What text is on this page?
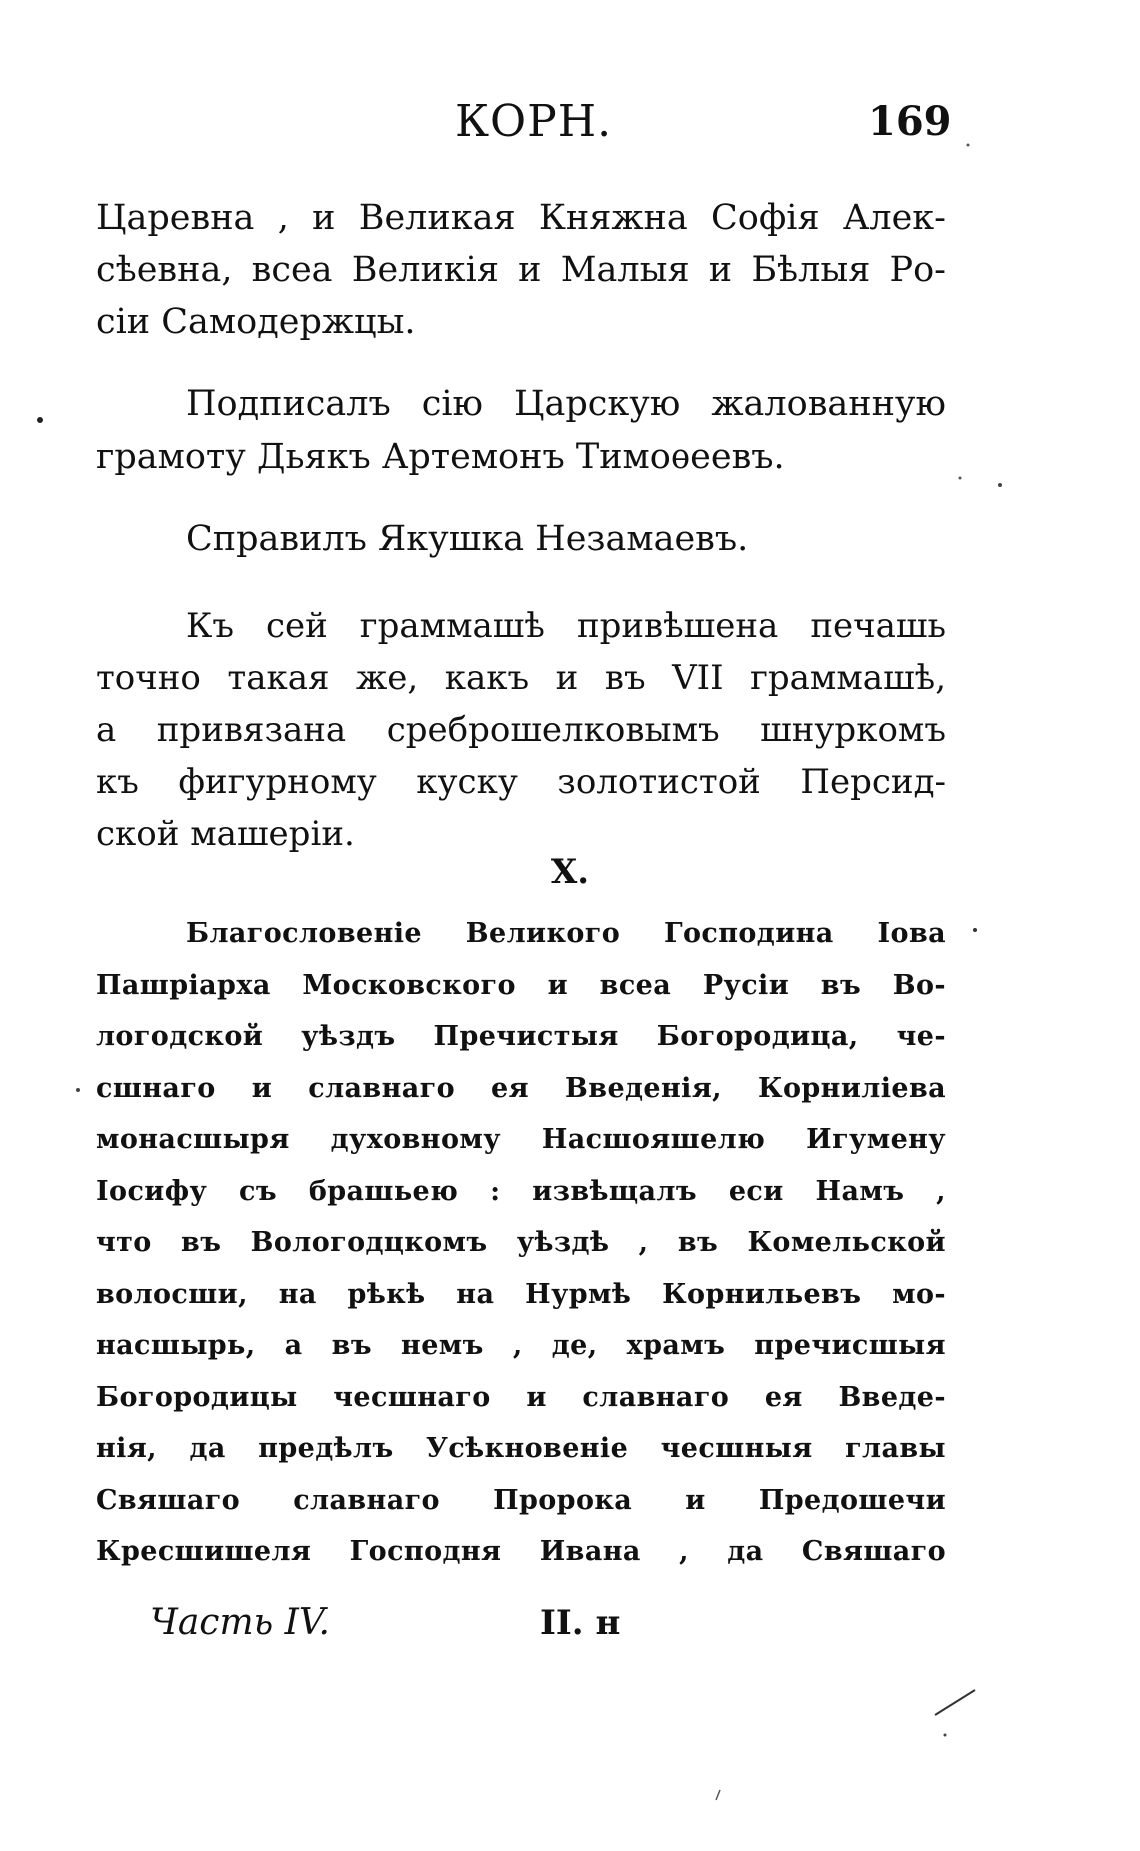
КОРН.	169
Царевна , и Великая Княжна Софiя Алек-
сѣевна, всеа Великiя и Малыя и Бѣлыя Ро-
сiи Самодержцы.
Подписалъ сiю Царскую жалованную
грамоту Дьякъ Артемонъ Тимоѳеевъ.
Справилъ Якушка Незамаевъ.
Къ сей граммашѣ привѣшена печашь
точно такая же, какъ и въ VII граммашѣ,
а привязана среброшелковымъ шнуркомъ
къ фигурному куску золотистой Персид-
ской машерiи.
X.
Благословенiе Великого Господина Iова
Пашрiарха Московского и всеа Русiи въ Во-
логодской уѣздъ Пречистыя Богородица, че-
сшнаго и славнаго ея Введенiя, Корнилiева
монасшыря духовному Насшояшелю Игумену
Iосифу съ брашьею : извѣщалъ еси Намъ ,
что въ Вологодцкомъ уѣздѣ , въ Комельской
волосши, на рѣкѣ на Нурмѣ Корнильевъ мо-
насшырь, а въ немъ , де, храмъ пречисшыя
Богородицы чесшнаго и славнаго ея Введе-
нiя, да предѣлъ Усѣкновенiе чесшныя главы
Свяшаго славнаго Пророка и Предошечи
Кресшишеля Господня Ивана , да Свяшаго
Часть IV.	II. н
